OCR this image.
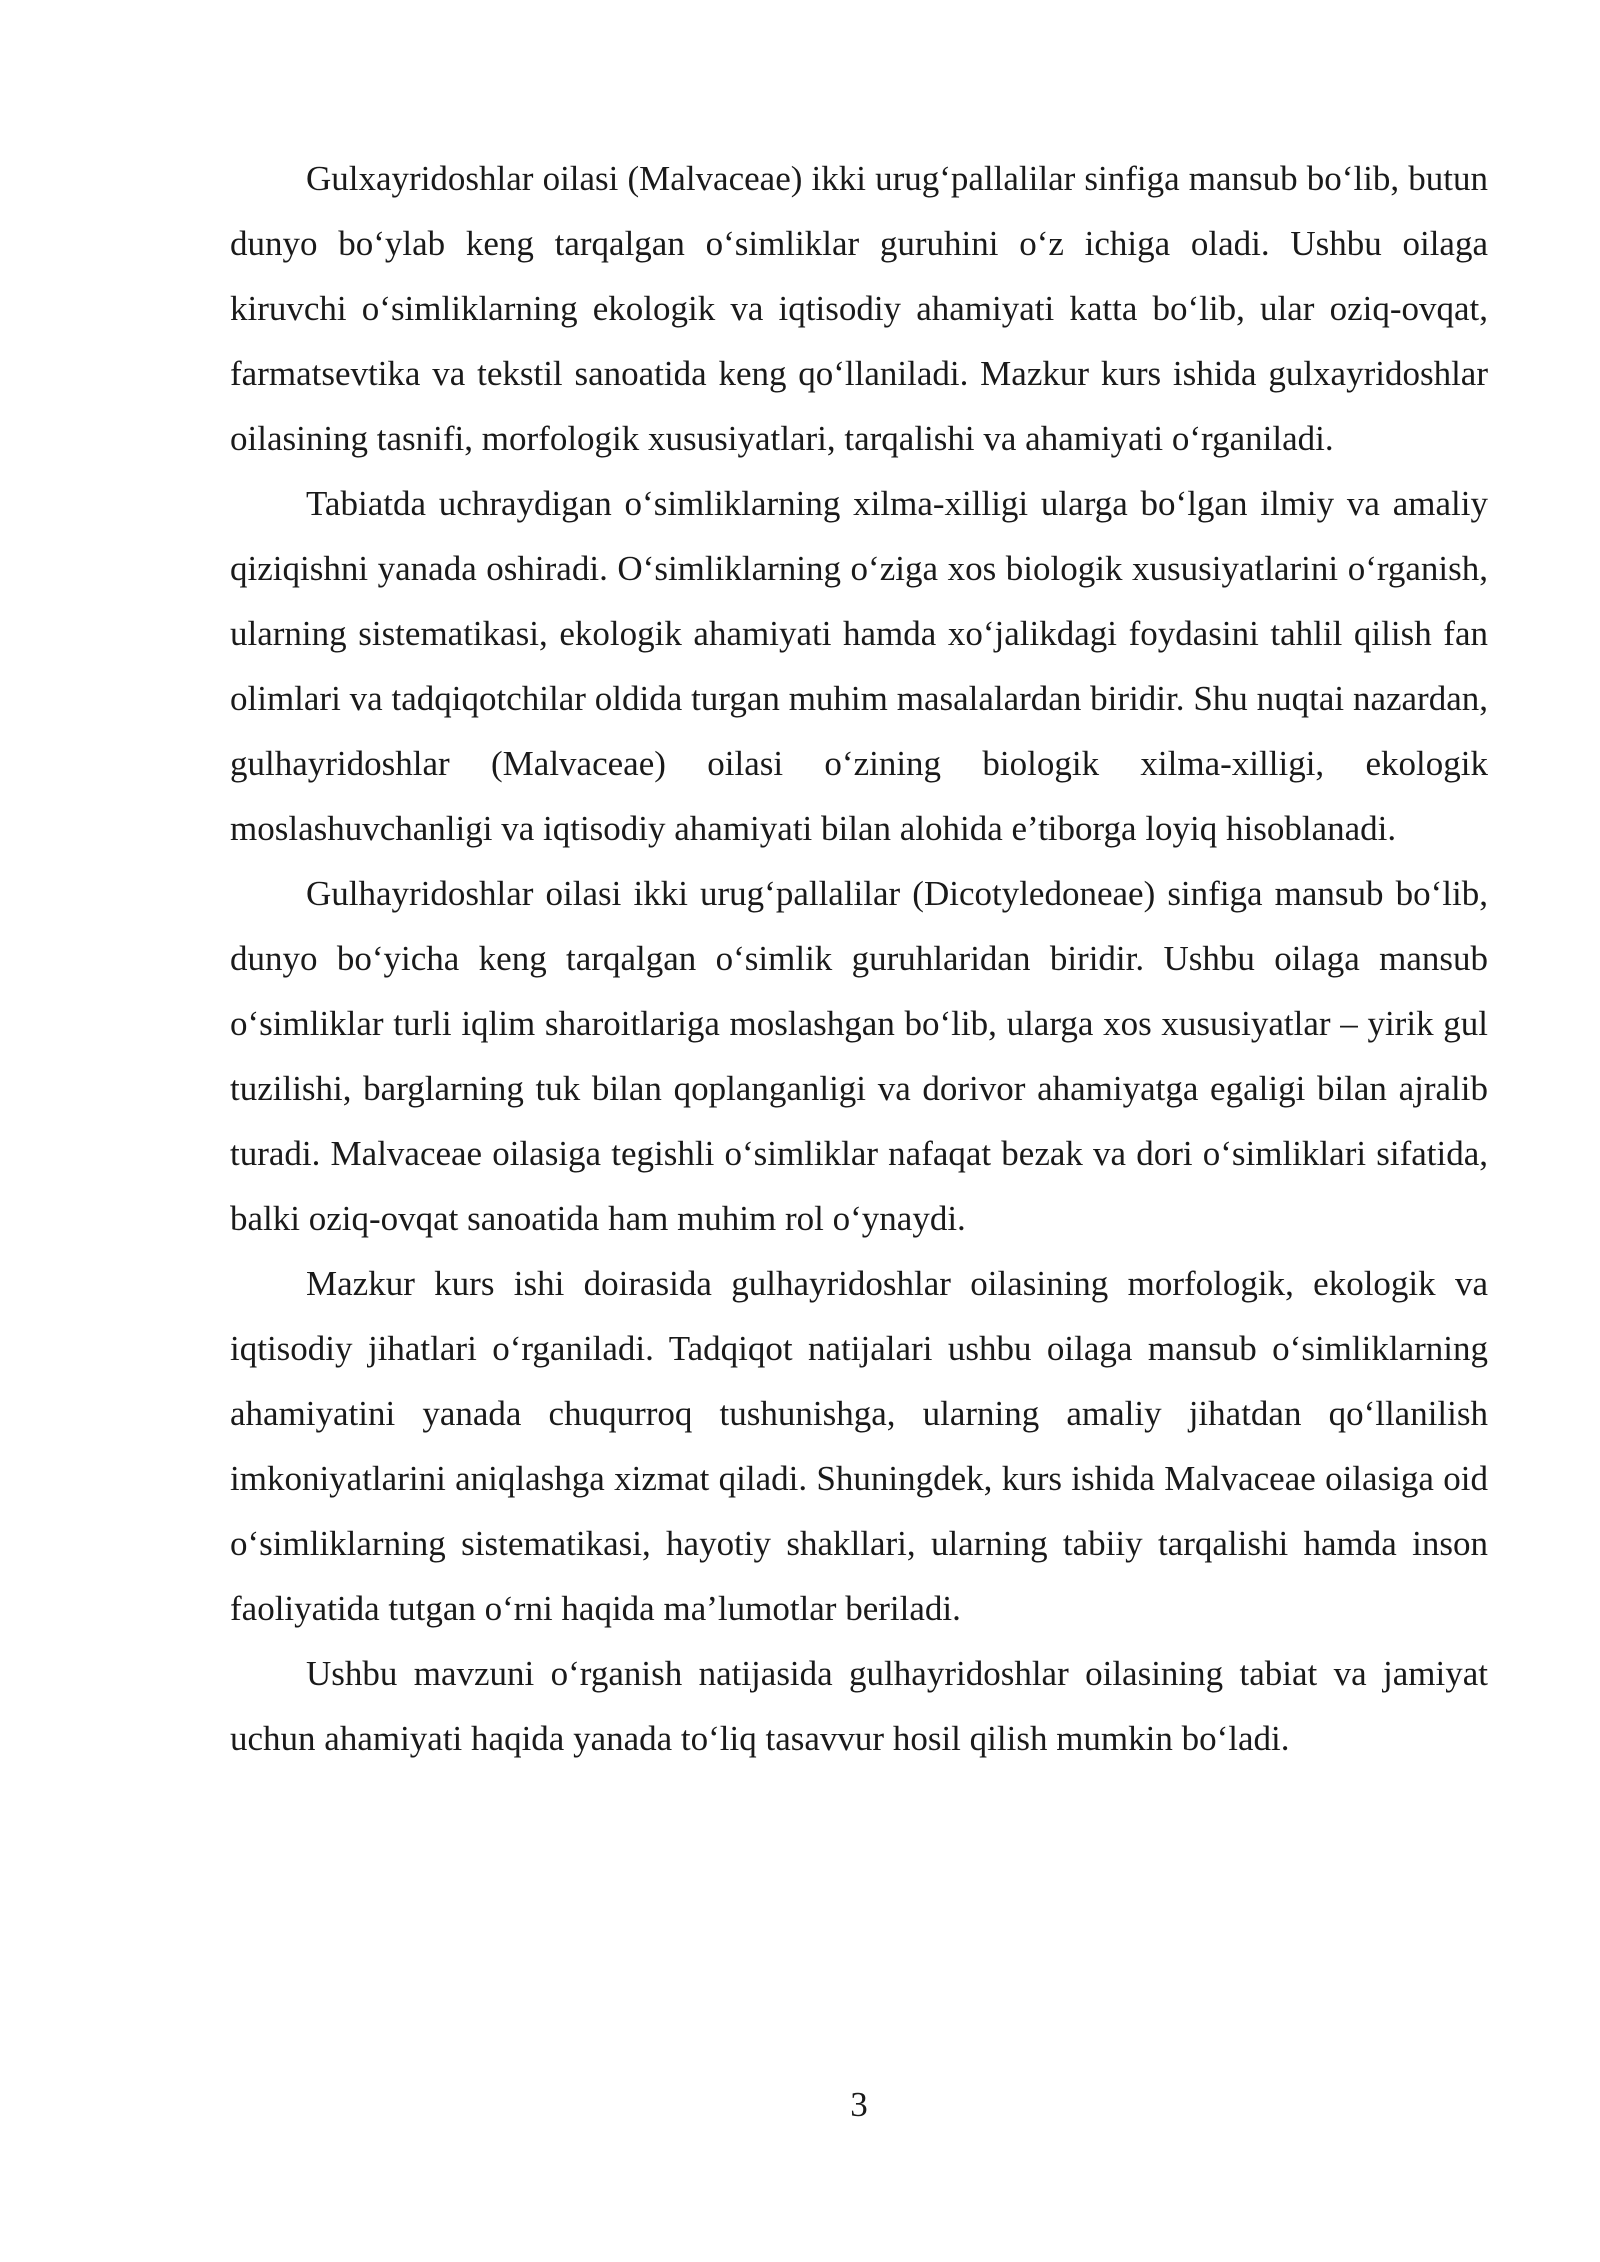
Gulxayridoshlar oilasi (Malvaceae) ikki urug‘pallalilar sinfiga mansub bo‘lib, butun dunyo bo‘ylab keng tarqalgan o‘simliklar guruhini o‘z ichiga oladi. Ushbu oilaga kiruvchi o‘simliklarning ekologik va iqtisodiy ahamiyati katta bo‘lib, ular oziq-ovqat, farmatsevtika va tekstil sanoatida keng qo‘llaniladi. Mazkur kurs ishida gulxayridoshlar oilasining tasnifi, morfologik xususiyatlari, tarqalishi va ahamiyati o‘rganiladi.

Tabiatda uchraydigan o‘simliklarning xilma-xilligi ularga bo‘lgan ilmiy va amaliy qiziqishni yanada oshiradi. O‘simliklarning o‘ziga xos biologik xususiyatlarini o‘rganish, ularning sistematikasi, ekologik ahamiyati hamda xo‘jalikdagi foydasini tahlil qilish fan olimlari va tadqiqotchilar oldida turgan muhim masalalardan biridir. Shu nuqtai nazardan, gulhayridoshlar (Malvaceae) oilasi o‘zining biologik xilma-xilligi, ekologik moslashuvchanligi va iqtisodiy ahamiyati bilan alohida e’tiborga loyiq hisoblanadi.

Gulhayridoshlar oilasi ikki urug‘pallalilar (Dicotyledoneae) sinfiga mansub bo‘lib, dunyo bo‘yicha keng tarqalgan o‘simlik guruhlaridan biridir. Ushbu oilaga mansub o‘simliklar turli iqlim sharoitlariga moslashgan bo‘lib, ularga xos xususiyatlar – yirik gul tuzilishi, barglarning tuk bilan qoplanganligi va dorivor ahamiyatga egaligi bilan ajralib turadi. Malvaceae oilasiga tegishli o‘simliklar nafaqat bezak va dori o‘simliklari sifatida, balki oziq-ovqat sanoatida ham muhim rol o‘ynaydi.

Mazkur kurs ishi doirasida gulhayridoshlar oilasining morfologik, ekologik va iqtisodiy jihatlari o‘rganiladi. Tadqiqot natijalari ushbu oilaga mansub o‘simliklarning ahamiyatini yanada chuqurroq tushunishga, ularning amaliy jihatdan qo‘llanilish imkoniyatlarini aniqlashga xizmat qiladi. Shuningdek, kurs ishida Malvaceae oilasiga oid o‘simliklarning sistematikasi, hayotiy shakllari, ularning tabiiy tarqalishi hamda inson faoliyatida tutgan o‘rni haqida ma’lumotlar beriladi.

Ushbu mavzuni o‘rganish natijasida gulhayridoshlar oilasining tabiat va jamiyat uchun ahamiyati haqida yanada to‘liq tasavvur hosil qilish mumkin bo‘ladi.

3
